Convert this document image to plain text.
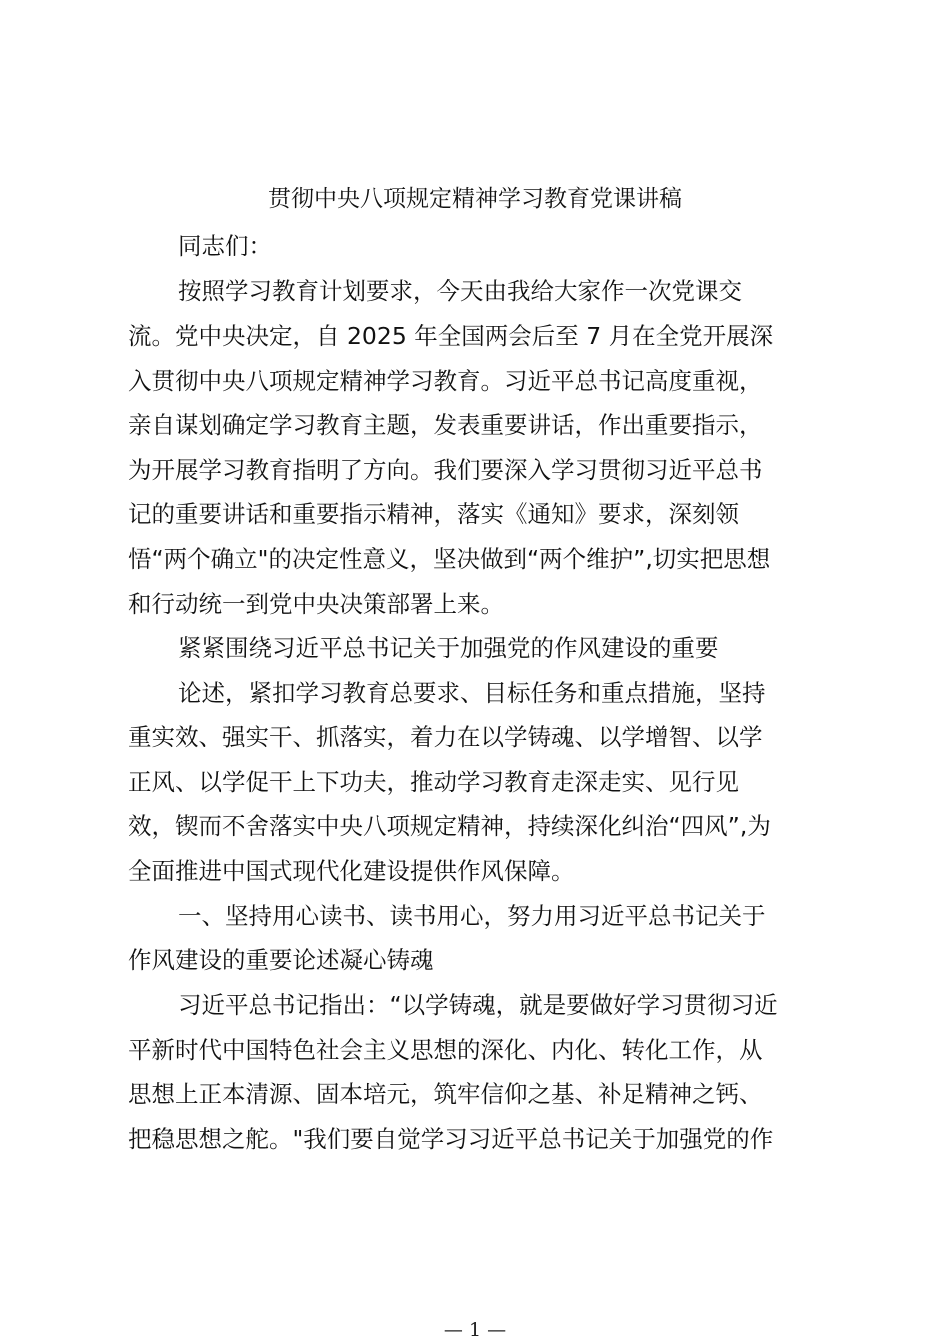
贯彻中央八项规定精神学习教育党课讲稿
同志们：
按照学习教育计划要求，今天由我给大家作一次党课交
流。党中央决定，自 2025 年全国两会后至 7 月在全党开展深
入贯彻中央八项规定精神学习教育。习近平总书记高度重视，
亲自谋划确定学习教育主题，发表重要讲话，作出重要指示，
为开展学习教育指明了方向。我们要深入学习贯彻习近平总书
记的重要讲话和重要指示精神，落实《通知》要求，深刻领
悟“两个确立"的决定性意义，坚决做到“两个维护”,切实把思想
和行动统一到党中央决策部署上来。
紧紧围绕习近平总书记关于加强党的作风建设的重要
论述，紧扣学习教育总要求、目标任务和重点措施，坚持
重实效、强实干、抓落实，着力在以学铸魂、以学增智、以学
正风、以学促干上下功夫，推动学习教育走深走实、见行见
效，锲而不舍落实中央八项规定精神，持续深化纠治“四风”,为
全面推进中国式现代化建设提供作风保障。
一、坚持用心读书、读书用心，努力用习近平总书记关于
作风建设的重要论述凝心铸魂
习近平总书记指出：“以学铸魂，就是要做好学习贯彻习近
平新时代中国特色社会主义思想的深化、内化、转化工作，从
思想上正本清源、固本培元，筑牢信仰之基、补足精神之钙、
把稳思想之舵。"我们要自觉学习习近平总书记关于加强党的作
— 1 —
